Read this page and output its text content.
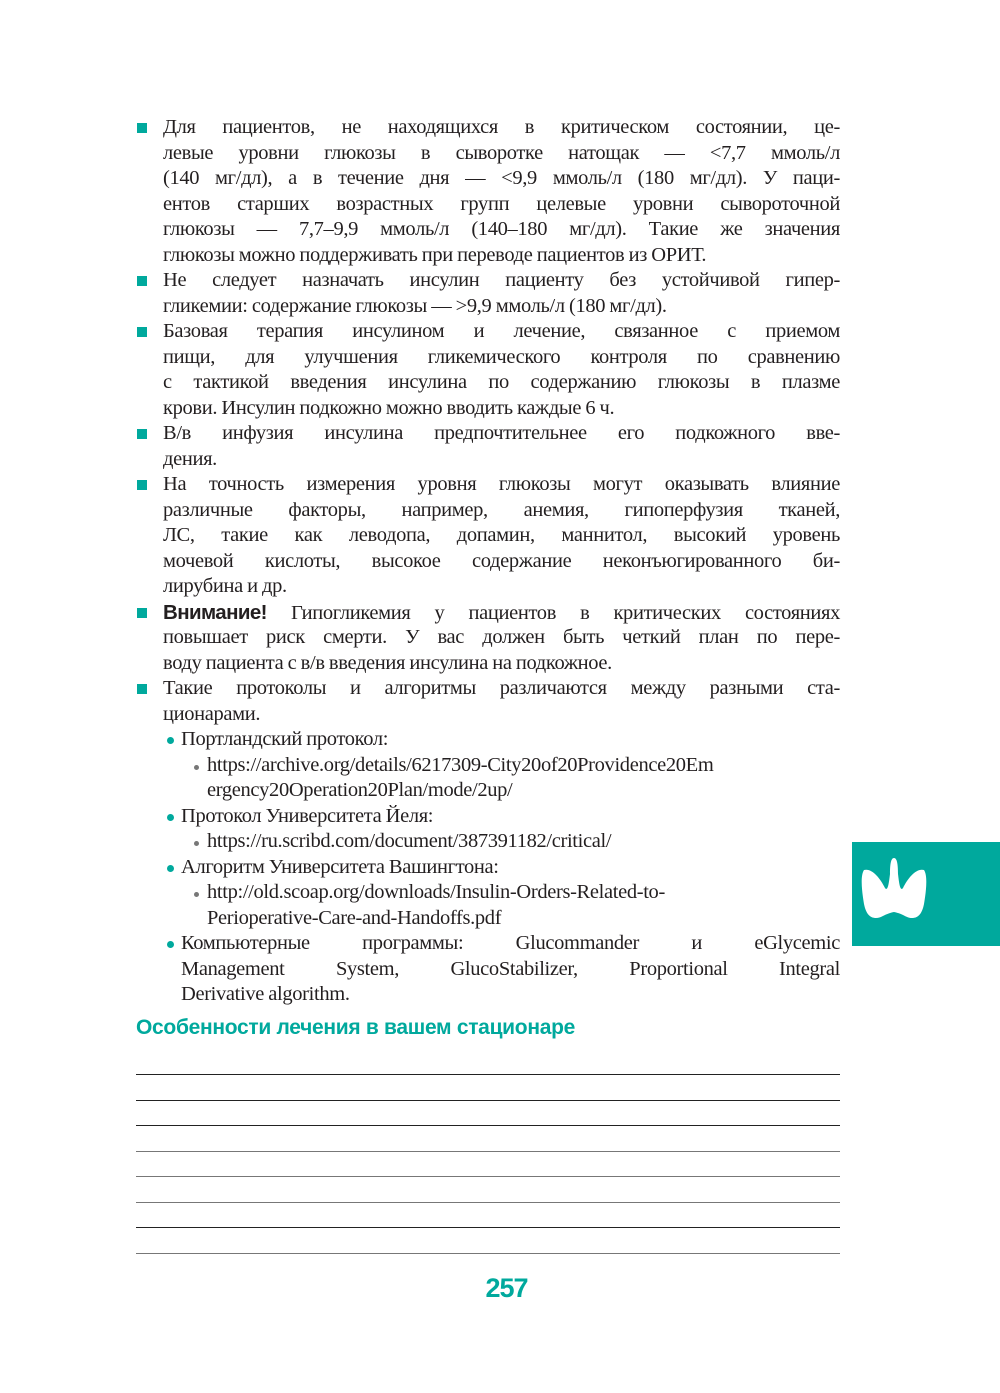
Для пациентов, не находящихся в критическом состоянии, це-
левые уровни глюкозы в сыворотке натощак — <7,7 ммоль/л
(140 мг/дл), а в течение дня — <9,9 ммоль/л (180 мг/дл). У паци-
ентов старших возрастных групп целевые уровни сывороточной
глюкозы — 7,7–9,9 ммоль/л (140–180 мг/дл). Такие же значения
глюкозы можно поддерживать при переводе пациентов из ОРИТ.
Не следует назначать инсулин пациенту без устойчивой гипер-
гликемии: содержание глюкозы — >9,9 ммоль/л (180 мг/дл).
Базовая терапия инсулином и лечение, связанное с приемом
пищи, для улучшения гликемического контроля по сравнению
с тактикой введения инсулина по содержанию глюкозы в плазме
крови. Инсулин подкожно можно вводить каждые 6 ч.
В/в инфузия инсулина предпочтительнее его подкожного вве-
дения.
На точность измерения уровня глюкозы могут оказывать влияние
различные факторы, например, анемия, гипоперфузия тканей,
ЛС, такие как леводопа, допамин, маннитол, высокий уровень
мочевой кислоты, высокое содержание неконъюгированного би-
лирубина и др.
Внимание! Гипогликемия у пациентов в критических состояниях
повышает риск смерти. У вас должен быть четкий план по пере-
воду пациента с в/в введения инсулина на подкожное.
Такие протоколы и алгоритмы различаются между разными ста-
ционарами.
Портландский протокол:
https://archive.org/details/6217309-City20of20Providence20Em
ergency20Operation20Plan/mode/2up/
Протокол Университета Йеля:
https://ru.scribd.com/document/387391182/critical/
Алгоритм Университета Вашингтона:
http://old.scoap.org/downloads/Insulin-Orders-Related-to-
Perioperative-Care-and-Handoffs.pdf
Компьютерные программы: Glucommander и eGlycemic
Management System, GlucoStabilizer, Proportional Integral
Derivative algorithm.
Особенности лечения в вашем стационаре
257
